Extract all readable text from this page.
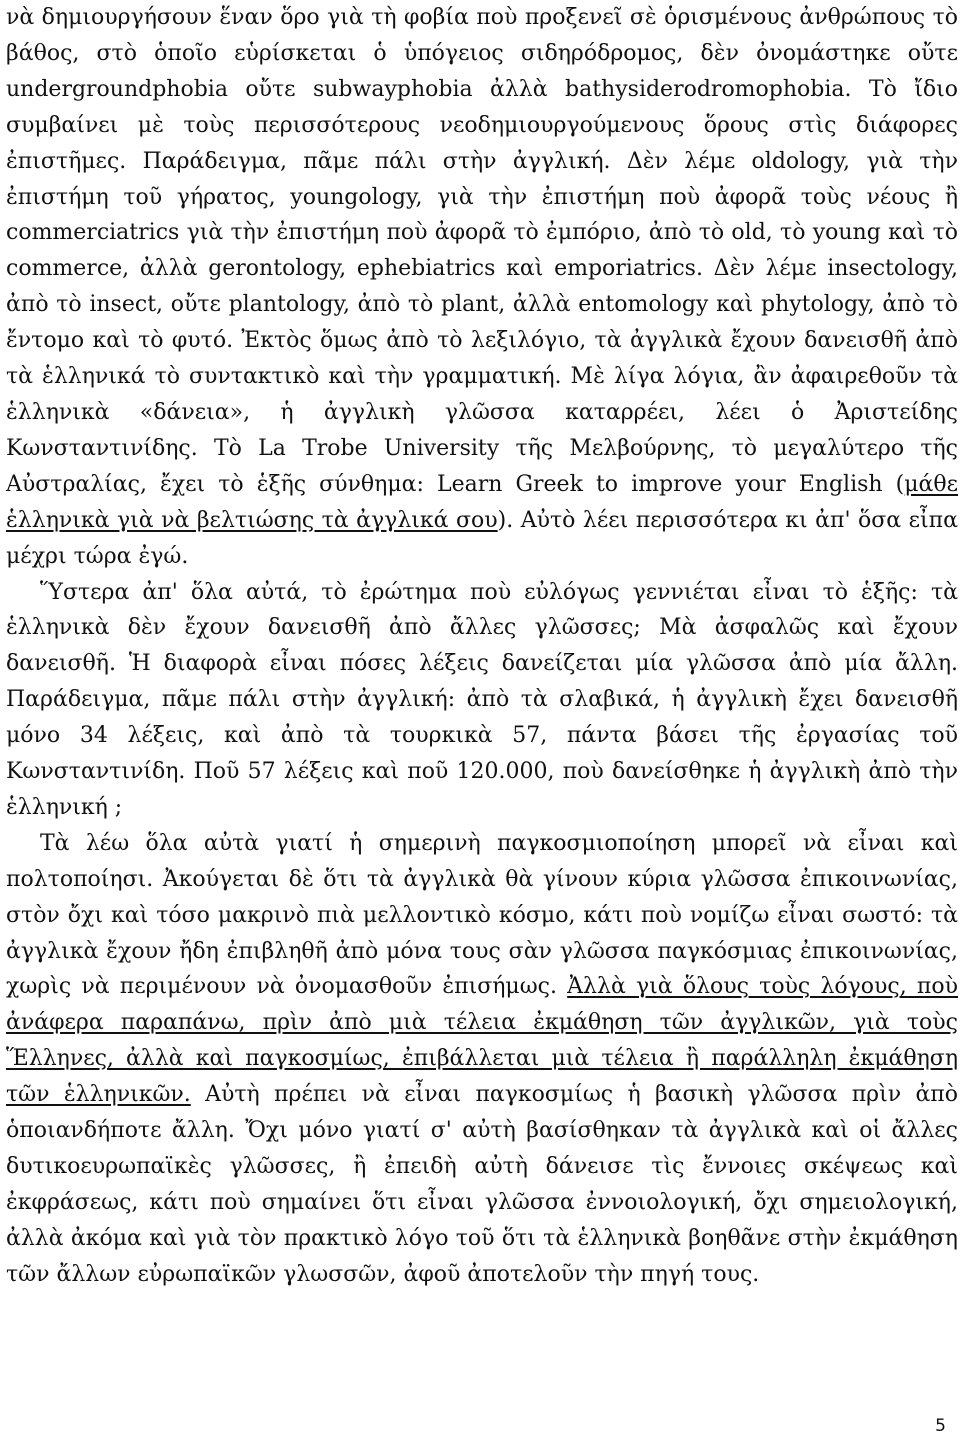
νὰ δημιουργήσουν ἕναν ὅρο γιὰ τὴ φοβία ποὺ προξενεῖ σὲ ὁρισμένους ἀνθρώπους τὸ βάθος, στὸ ὁποῖο εὑρίσκεται ὁ ὑπόγειος σιδηρόδρομος, δὲν ὀνομάστηκε οὔτε undergroundphobia οὔτε subwayphobia ἀλλὰ bathysiderodromophobia. Τὸ ἴδιο συμβαίνει μὲ τοὺς περισσότερους νεοδημιουργούμενους ὅρους στὶς διάφορες ἐπιστῆμες. Παράδειγμα, πᾶμε πάλι στὴν ἀγγλική. Δὲν λέμε oldology, γιὰ τὴν ἐπιστήμη τοῦ γήρατος, youngology, γιὰ τὴν ἐπιστήμη ποὺ ἀφορᾶ τοὺς νέους ἢ commerciatrics γιὰ τὴν ἐπιστήμη ποὺ ἀφορᾶ τὸ ἐμπόριο, ἀπὸ τὸ old, τὸ young καὶ τὸ commerce, ἀλλὰ gerontology, ephebiatrics καὶ emporiatrics. Δὲν λέμε insectology, ἀπὸ τὸ insect, οὔτε plantology, ἀπὸ τὸ plant, ἀλλὰ entomology καὶ phytology, ἀπὸ τὸ ἔντομο καὶ τὸ φυτό. Ἐκτὸς ὅμως ἀπὸ τὸ λεξιλόγιο, τὰ ἀγγλικὰ ἔχουν δανεισθῆ ἀπὸ τὰ ἑλληνικά τὸ συντακτικὸ καὶ τὴν γραμματική. Μὲ λίγα λόγια, ἂν ἀφαιρεθοῦν τὰ ἑλληνικὰ «δάνεια», ἡ ἀγγλικὴ γλῶσσα καταρρέει, λέει ὁ Ἀριστείδης Κωνσταντινίδης. Τὸ La Trobe University τῆς Μελβούρνης, τὸ μεγαλύτερο τῆς Αὐστραλίας, ἔχει τὸ ἑξῆς σύνθημα: Learn Greek to improve your English (μάθε ἑλληνικὰ γιὰ νὰ βελτιώσης τὰ ἀγγλικά σου). Αὐτὸ λέει περισσότερα κι ἀπ' ὅσα εἶπα μέχρι τώρα ἐγώ.

Ὕστερα ἀπ' ὅλα αὐτά, τὸ ἐρώτημα ποὺ εὐλόγως γεννιέται εἶναι τὸ ἑξῆς: τὰ ἑλληνικὰ δὲν ἔχουν δανεισθῆ ἀπὸ ἄλλες γλῶσσες; Μὰ ἀσφαλῶς καὶ ἔχουν δανεισθῆ. Ἡ διαφορὰ εἶναι πόσες λέξεις δανείζεται μία γλῶσσα ἀπὸ μία ἄλλη. Παράδειγμα, πᾶμε πάλι στὴν ἀγγλική: ἀπὸ τὰ σλαβικά, ἡ ἀγγλικὴ ἔχει δανεισθῆ μόνο 34 λέξεις, καὶ ἀπὸ τὰ τουρκικὰ 57, πάντα βάσει τῆς ἐργασίας τοῦ Κωνσταντινίδη. Ποῦ 57 λέξεις καὶ ποῦ 120.000, ποὺ δανείσθηκε ἡ ἀγγλικὴ ἀπὸ τὴν ἑλληνική ;

Τὰ λέω ὅλα αὐτὰ γιατί ἡ σημερινὴ παγκοσμιοποίηση μπορεῖ νὰ εἶναι καὶ πολτοποίησι. Ἀκούγεται δὲ ὅτι τὰ ἀγγλικὰ θὰ γίνουν κύρια γλῶσσα ἐπικοινωνίας, στὸν ὄχι καὶ τόσο μακρινὸ πιὰ μελλοντικὸ κόσμο, κάτι ποὺ νομίζω εἶναι σωστό: τὰ ἀγγλικὰ ἔχουν ἤδη ἐπιβληθῆ ἀπὸ μόνα τους σὰν γλῶσσα παγκόσμιας ἐπικοινωνίας, χωρὶς νὰ περιμένουν νὰ ὀνομασθοῦν ἐπισήμως. Ἀλλὰ γιὰ ὅλους τοὺς λόγους, ποὺ ἀνάφερα παραπάνω, πρὶν ἀπὸ μιὰ τέλεια ἐκμάθηση τῶν ἀγγλικῶν, γιὰ τοὺς Ἕλληνες, ἀλλὰ καὶ παγκοσμίως, ἐπιβάλλεται μιὰ τέλεια ἢ παράλληλη ἐκμάθηση τῶν ἑλληνικῶν. Αὐτὴ πρέπει νὰ εἶναι παγκοσμίως ἡ βασικὴ γλῶσσα πρὶν ἀπὸ ὁποιανδήποτε ἄλλη. Ὄχι μόνο γιατί σ' αὐτὴ βασίσθηκαν τὰ ἀγγλικὰ καὶ οἱ ἄλλες δυτικοευρωπαϊκὲς γλῶσσες, ἢ ἐπειδὴ αὐτὴ δάνεισε τὶς ἔννοιες σκέψεως καὶ ἐκφράσεως, κάτι ποὺ σημαίνει ὅτι εἶναι γλῶσσα ἐννοιολογική, ὄχι σημειολογική, ἀλλὰ ἀκόμα καὶ γιὰ τὸν πρακτικὸ λόγο τοῦ ὅτι τὰ ἑλληνικὰ βοηθᾶνε στὴν ἐκμάθηση τῶν ἄλλων εὐρωπαϊκῶν γλωσσῶν, ἀφοῦ ἀποτελοῦν τὴν πηγή τους.

5
